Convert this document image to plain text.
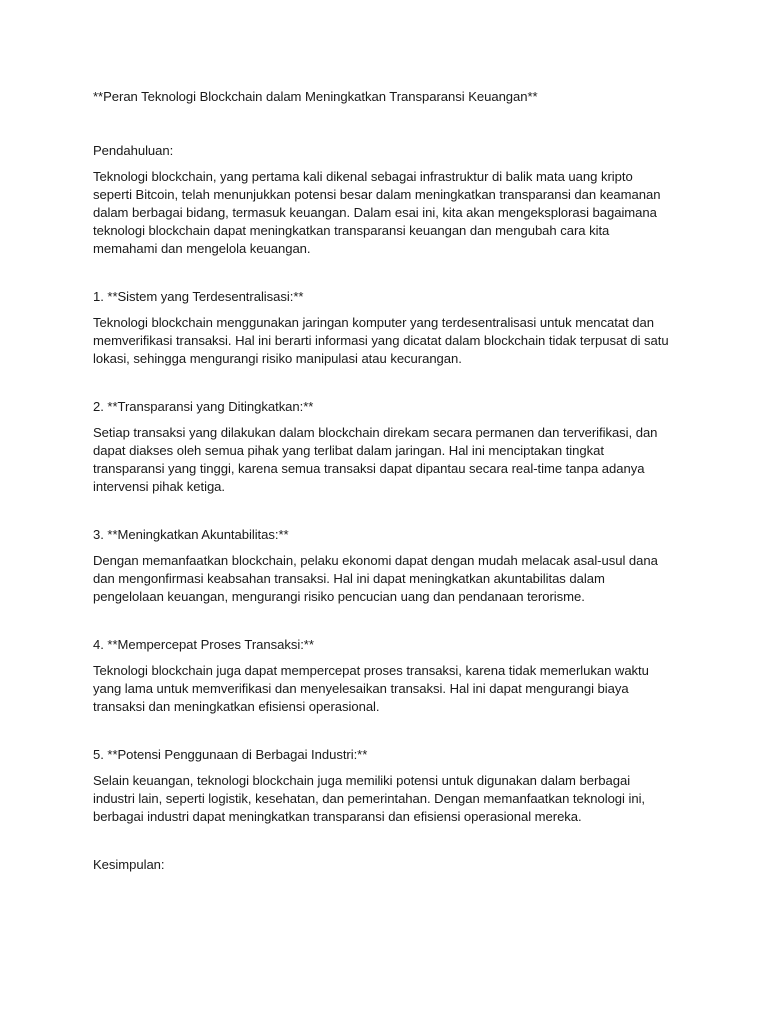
**Peran Teknologi Blockchain dalam Meningkatkan Transparansi Keuangan**
Pendahuluan:
Teknologi blockchain, yang pertama kali dikenal sebagai infrastruktur di balik mata uang kripto
seperti Bitcoin, telah menunjukkan potensi besar dalam meningkatkan transparansi dan keamanan
dalam berbagai bidang, termasuk keuangan. Dalam esai ini, kita akan mengeksplorasi bagaimana
teknologi blockchain dapat meningkatkan transparansi keuangan dan mengubah cara kita
memahami dan mengelola keuangan.
1. **Sistem yang Terdesentralisasi:**
Teknologi blockchain menggunakan jaringan komputer yang terdesentralisasi untuk mencatat dan
memverifikasi transaksi. Hal ini berarti informasi yang dicatat dalam blockchain tidak terpusat di satu
lokasi, sehingga mengurangi risiko manipulasi atau kecurangan.
2. **Transparansi yang Ditingkatkan:**
Setiap transaksi yang dilakukan dalam blockchain direkam secara permanen dan terverifikasi, dan
dapat diakses oleh semua pihak yang terlibat dalam jaringan. Hal ini menciptakan tingkat
transparansi yang tinggi, karena semua transaksi dapat dipantau secara real-time tanpa adanya
intervensi pihak ketiga.
3. **Meningkatkan Akuntabilitas:**
Dengan memanfaatkan blockchain, pelaku ekonomi dapat dengan mudah melacak asal-usul dana
dan mengonfirmasi keabsahan transaksi. Hal ini dapat meningkatkan akuntabilitas dalam
pengelolaan keuangan, mengurangi risiko pencucian uang dan pendanaan terorisme.
4. **Mempercepat Proses Transaksi:**
Teknologi blockchain juga dapat mempercepat proses transaksi, karena tidak memerlukan waktu
yang lama untuk memverifikasi dan menyelesaikan transaksi. Hal ini dapat mengurangi biaya
transaksi dan meningkatkan efisiensi operasional.
5. **Potensi Penggunaan di Berbagai Industri:**
Selain keuangan, teknologi blockchain juga memiliki potensi untuk digunakan dalam berbagai
industri lain, seperti logistik, kesehatan, dan pemerintahan. Dengan memanfaatkan teknologi ini,
berbagai industri dapat meningkatkan transparansi dan efisiensi operasional mereka.
Kesimpulan:
